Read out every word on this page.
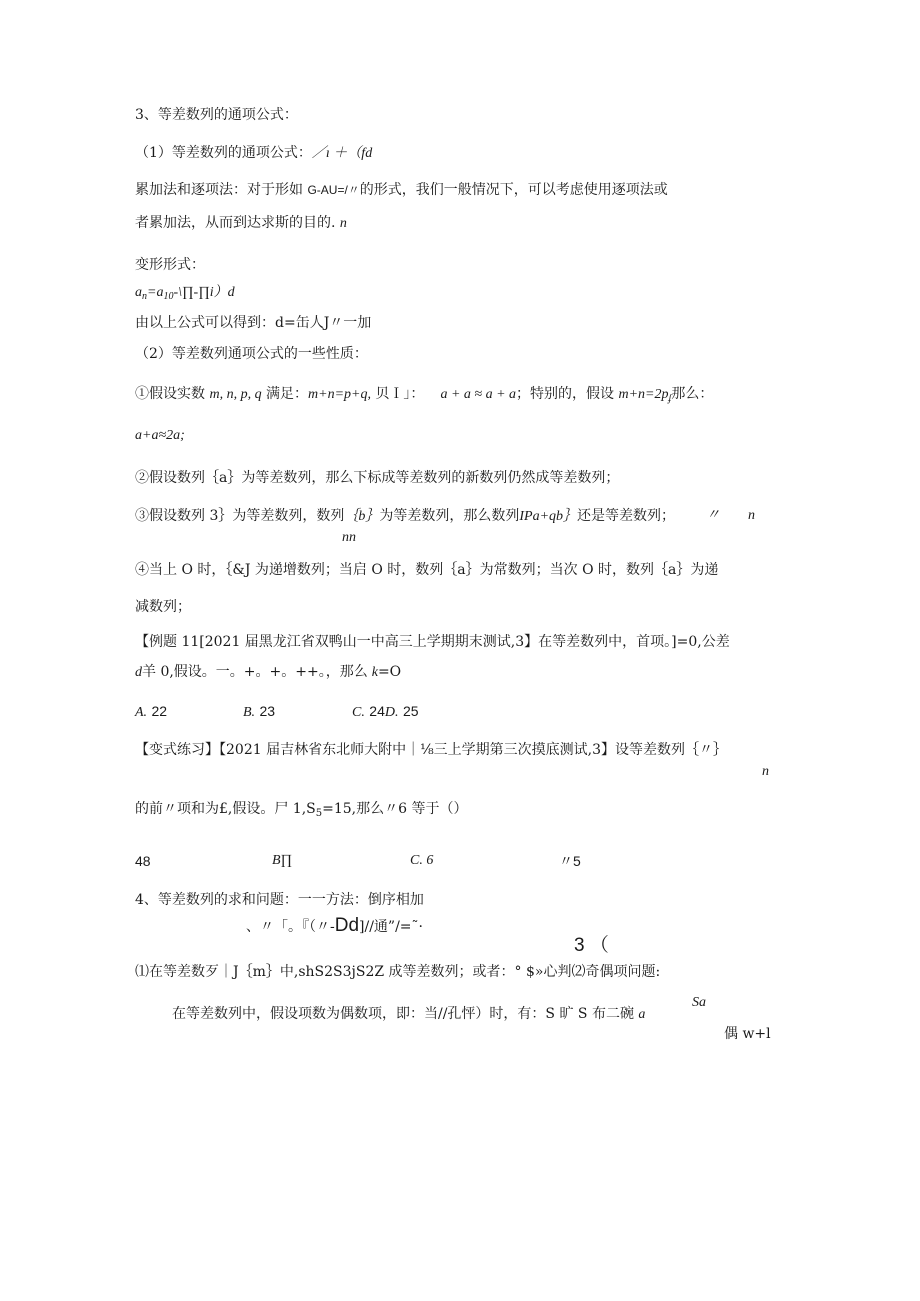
3、等差数列的通项公式：
（1）等差数列的通项公式：／ı ＋（fd
累加法和逐项法：对于形如 G-AU=/〃的形式，我们一般情况下，可以考虑使用逐项法或
者累加法，从而到达求斯的目的. n
变形形式：
$a_n=a_{10}-\backslash\prod-\prod i)d$
由以上公式可以得到：d=缶人J〃一加
（2）等差数列通项公式的一些性质：
①假设实数 m, n, p, q 满足：m+n=p+q, 贝Ｉ」： a + a ≈ a + a；特别的，假设 $m+n=2p_ʄ$那么：
a+a≈2a;
②假设数列｛a｝为等差数列，那么下标成等差数列的新数列仍然成等差数列；
③假设数列 3｝为等差数列，数列｛b｝为等差数列，那么数列IPa+qb｝还是等差数列； 〃 n
nn
④当上 O 时，｛&J 为递增数列；当启 O 时，数列｛a｝为常数列；当次 O 时，数列｛a｝为递
减数列；
【例题 11[2021 届黑龙江省双鸭山一中高三上学期期末测试,3】在等差数列中，首项。]=0,公差
d羊 0,假设。一。+。+。++。，那么 k=O
A. 22	B. 23	C. 24D. 25
【变式练习】【2021 届吉林省东北师大附中｜⅛三上学期第三次摸底测试,3】设等差数列｛〃｝
n
的前〃项和为£,假设。尸 $1,S_5=15$,那么〃6 等于（）
48	B∏	C. 6	〃5
4、等差数列的求和问题：一一方法：倒序相加
、〃「。『（〃-Dd]//通”/=˜·
3 （
⑴在等差数歹｜J｛m｝中,shS2S3jS2Z 成等差数列；或者：° $»心判⑵奇偶项问题:
在等差数列中，假设项数为偶数项，即：当//孔怦）时，有：S 旷 S 布二碗 a
Sa
偶 w+l
